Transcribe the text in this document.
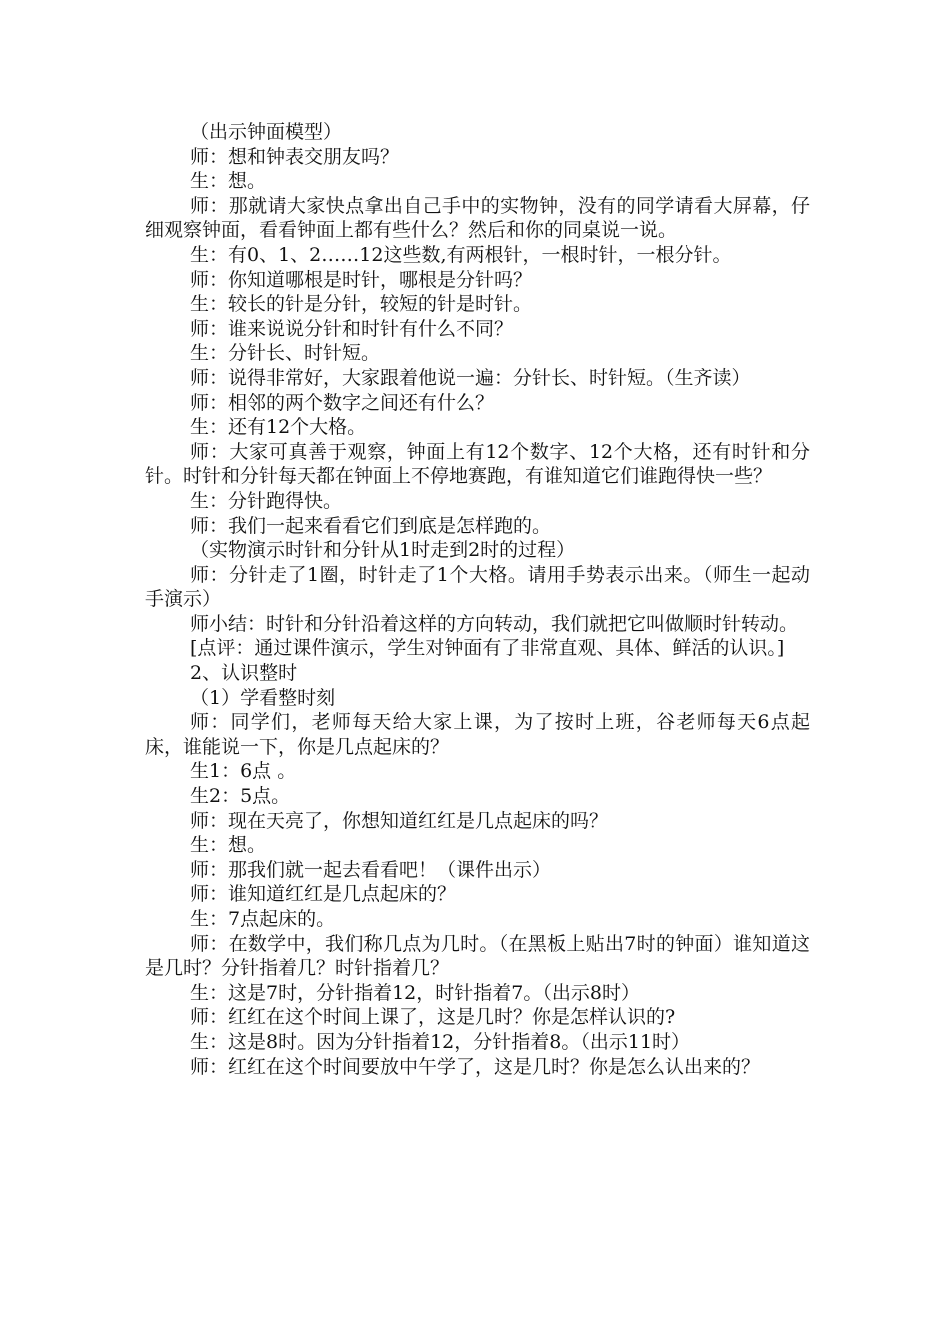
（出示钟面模型）

师：想和钟表交朋友吗？

生：想。

师：那就请大家快点拿出自己手中的实物钟，没有的同学请看大屏幕，仔细观察钟面，看看钟面上都有些什么？然后和你的同桌说一说。

生：有0、1、2……12这些数,有两根针，一根时针，一根分针。

师：你知道哪根是时针，哪根是分针吗？

生：较长的针是分针，较短的针是时针。

师：谁来说说分针和时针有什么不同？

生：分针长、时针短。

师：说得非常好，大家跟着他说一遍：分针长、时针短。（生齐读）

师：相邻的两个数字之间还有什么？

生：还有12个大格。

师：大家可真善于观察，钟面上有12个数字、12个大格，还有时针和分针。时针和分针每天都在钟面上不停地赛跑，有谁知道它们谁跑得快一些？

生：分针跑得快。

师：我们一起来看看它们到底是怎样跑的。

（实物演示时针和分针从1时走到2时的过程）

师：分针走了1圈，时针走了1个大格。请用手势表示出来。（师生一起动手演示）

师小结：时针和分针沿着这样的方向转动，我们就把它叫做顺时针转动。

[点评：通过课件演示，学生对钟面有了非常直观、具体、鲜活的认识。]

2、认识整时

（1）学看整时刻

师：同学们，老师每天给大家上课，为了按时上班，谷老师每天6点起床，谁能说一下，你是几点起床的？

生1：6点 。

生2：5点。

师：现在天亮了，你想知道红红是几点起床的吗？

生：想。

师：那我们就一起去看看吧！（课件出示）

师：谁知道红红是几点起床的？

生：7点起床的。

师：在数学中，我们称几点为几时。（在黑板上贴出7时的钟面）谁知道这是几时？分针指着几？时针指着几？

生：这是7时，分针指着12，时针指着7。（出示8时）

师：红红在这个时间上课了，这是几时？你是怎样认识的?

生：这是8时。因为分针指着12，分针指着8。（出示11时）

师：红红在这个时间要放中午学了，这是几时？你是怎么认出来的？
